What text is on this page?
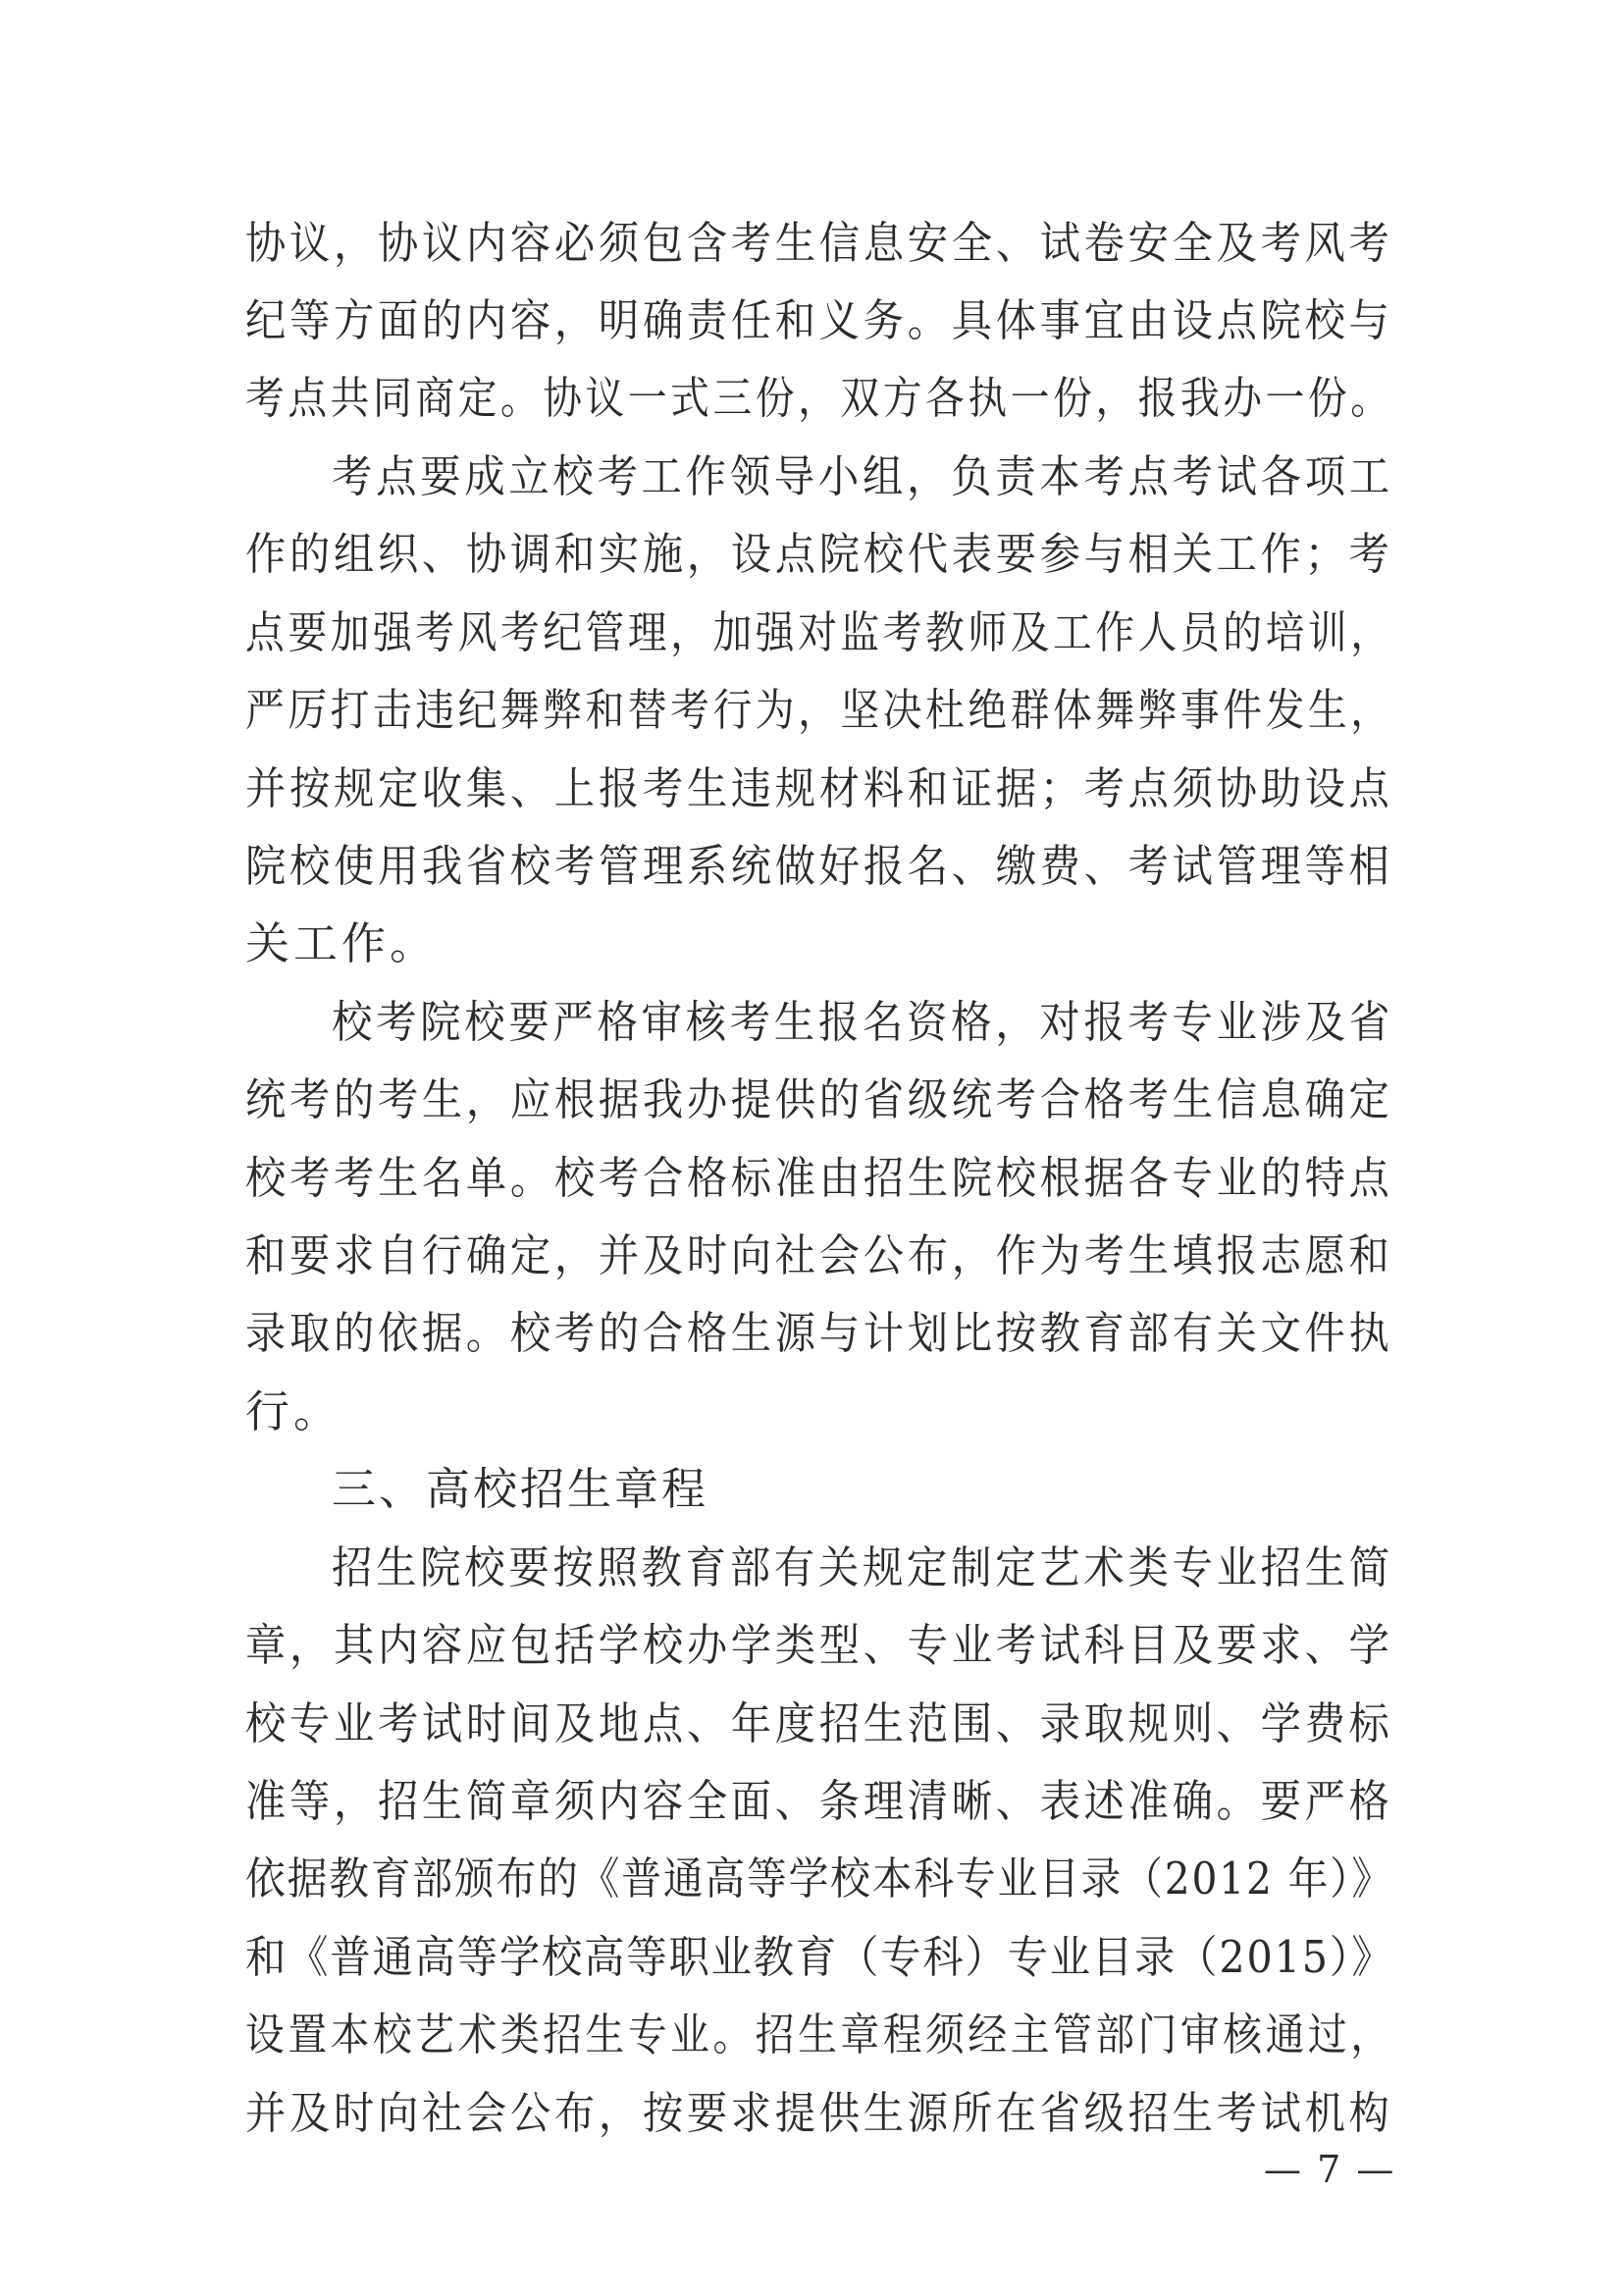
协议，协议内容必须包含考生信息安全、试卷安全及考风考
纪等方面的内容，明确责任和义务。具体事宜由设点院校与
考点共同商定。协议一式三份，双方各执一份，报我办一份。
考点要成立校考工作领导小组，负责本考点考试各项工
作的组织、协调和实施，设点院校代表要参与相关工作；考
点要加强考风考纪管理，加强对监考教师及工作人员的培训，
严厉打击违纪舞弊和替考行为，坚决杜绝群体舞弊事件发生，
并按规定收集、上报考生违规材料和证据；考点须协助设点
院校使用我省校考管理系统做好报名、缴费、考试管理等相
关工作。
校考院校要严格审核考生报名资格，对报考专业涉及省
统考的考生，应根据我办提供的省级统考合格考生信息确定
校考考生名单。校考合格标准由招生院校根据各专业的特点
和要求自行确定，并及时向社会公布，作为考生填报志愿和
录取的依据。校考的合格生源与计划比按教育部有关文件执
行。
三、高校招生章程
招生院校要按照教育部有关规定制定艺术类专业招生简
章，其内容应包括学校办学类型、专业考试科目及要求、学
校专业考试时间及地点、年度招生范围、录取规则、学费标
准等，招生简章须内容全面、条理清晰、表述准确。要严格
依据教育部颁布的《普通高等学校本科专业目录（2012 年）》
和《普通高等学校高等职业教育（专科）专业目录（2015）》
设置本校艺术类招生专业。招生章程须经主管部门审核通过，
并及时向社会公布，按要求提供生源所在省级招生考试机构
— 7 —
